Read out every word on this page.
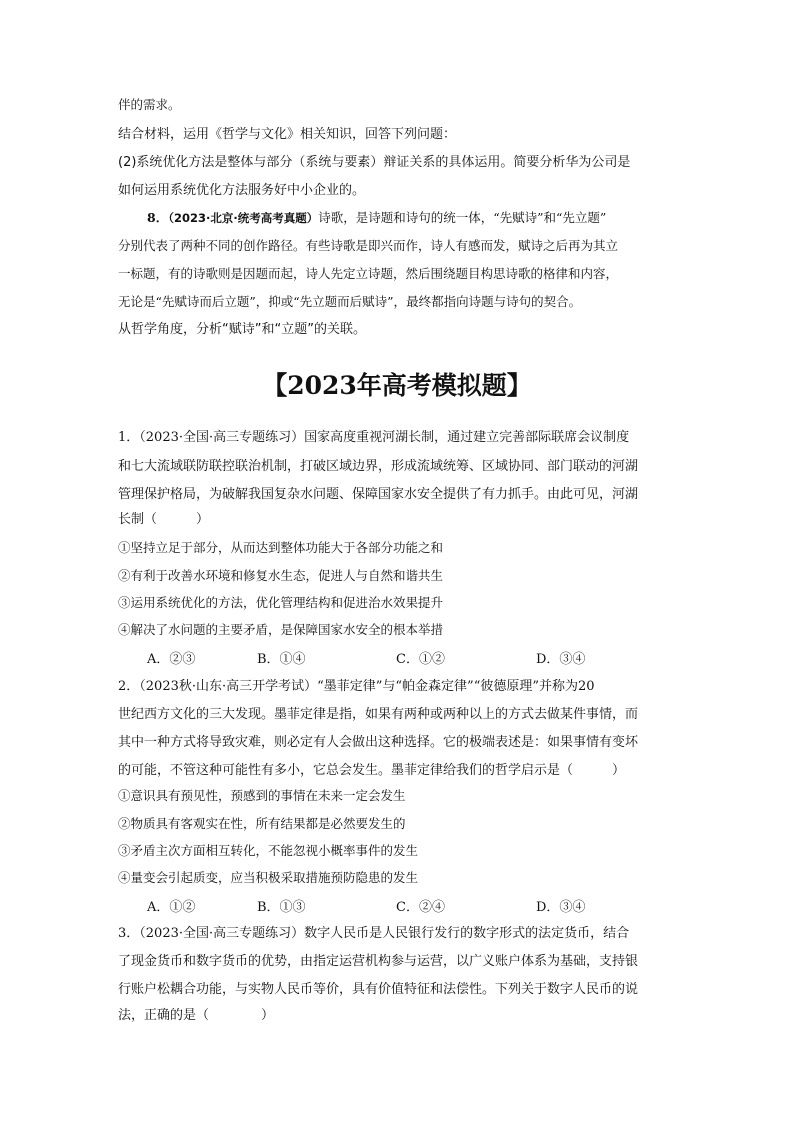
伴的需求。
结合材料，运用《哲学与文化》相关知识，回答下列问题：
(2)系统优化方法是整体与部分（系统与要素）辩证关系的具体运用。简要分析华为公司是
如何运用系统优化方法服务好中小企业的。
8．（2023·北京·统考高考真题）诗歌，是诗题和诗句的统一体，“先赋诗”和“先立题”
分别代表了两种不同的创作路径。有些诗歌是即兴而作，诗人有感而发，赋诗之后再为其立
一标题，有的诗歌则是因题而起，诗人先定立诗题，然后围绕题目构思诗歌的格律和内容，
无论是“先赋诗而后立题”，抑或“先立题而后赋诗”，最终都指向诗题与诗句的契合。
从哲学角度，分析“赋诗”和“立题”的关联。
【2023年高考模拟题】
1．（2023·全国·高三专题练习）国家高度重视河湖长制，通过建立完善部际联席会议制度
和七大流域联防联控联治机制，打破区域边界，形成流域统筹、区域协同、部门联动的河湖
管理保护格局，为破解我国复杂水问题、保障国家水安全提供了有力抓手。由此可见，河湖
长制（　　　）
①坚持立足于部分，从而达到整体功能大于各部分功能之和
②有利于改善水环境和修复水生态，促进人与自然和谐共生
③运用系统优化的方法，优化管理结构和促进治水效果提升
④解决了水问题的主要矛盾，是保障国家水安全的根本举措
A．②③	B．①④	C．①②	D．③④
2．（2023秋·山东·高三开学考试）“墨菲定律”与“帕金森定律”“彼德原理”并称为20
世纪西方文化的三大发现。墨菲定律是指，如果有两种或两种以上的方式去做某件事情，而
其中一种方式将导致灾难，则必定有人会做出这种选择。它的极端表述是：如果事情有变坏
的可能，不管这种可能性有多小，它总会发生。墨菲定律给我们的哲学启示是（　　　）
①意识具有预见性，预感到的事情在未来一定会发生
②物质具有客观实在性，所有结果都是必然要发生的
③矛盾主次方面相互转化，不能忽视小概率事件的发生
④量变会引起质变，应当积极采取措施预防隐患的发生
A．①②	B．①③	C．②④	D．③④
3．（2023·全国·高三专题练习）数字人民币是人民银行发行的数字形式的法定货币，结合
了现金货币和数字货币的优势，由指定运营机构参与运营，以广义账户体系为基础，支持银
行账户松耦合功能，与实物人民币等价，具有价值特征和法偿性。下列关于数字人民币的说
法，正确的是（　　　　）
